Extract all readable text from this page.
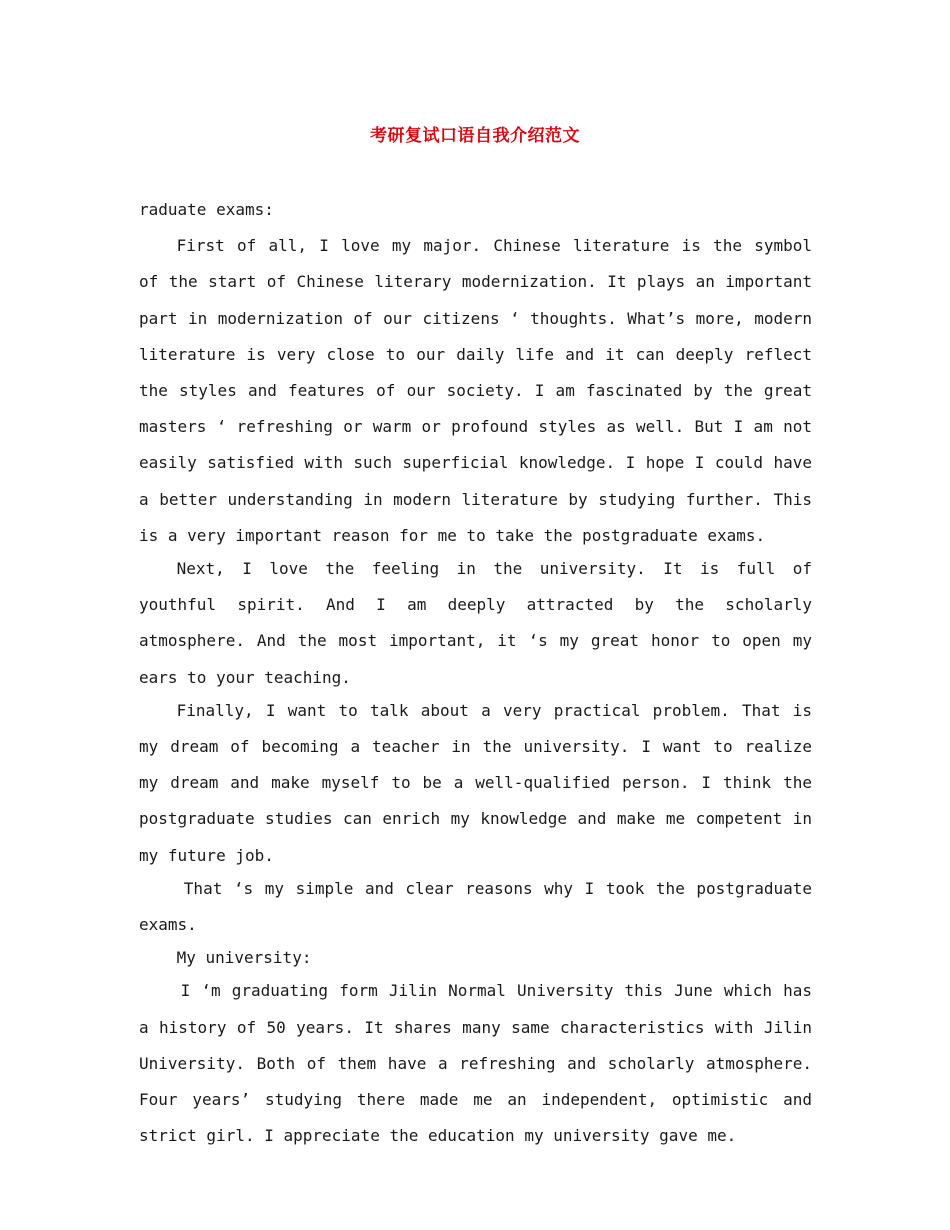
考研复试口语自我介绍范文

raduate exams:

First of all, I love my major. Chinese literature is the symbol of the start of Chinese literary modernization. It plays an important part in modernization of our citizens ‘ thoughts. What’s more, modern literature is very close to our daily life and it can deeply reflect the styles and features of our society. I am fascinated by the great masters ‘ refreshing or warm or profound styles as well. But I am not easily satisfied with such superficial knowledge. I hope I could have a better understanding in modern literature by studying further. This is a very important reason for me to take the postgraduate exams.

Next, I love the feeling in the university. It is full of youthful spirit. And I am deeply attracted by the scholarly atmosphere. And the most important, it ‘s my great honor to open my ears to your teaching.

Finally, I want to talk about a very practical problem. That is my dream of becoming a teacher in the university. I want to realize my dream and make myself to be a well-qualified person. I think the postgraduate studies can enrich my knowledge and make me competent in my future job.

That ‘s my simple and clear reasons why I took the postgraduate exams.

My university:

I ‘m graduating form Jilin Normal University this June which has a history of 50 years. It shares many same characteristics with Jilin University. Both of them have a refreshing and scholarly atmosphere. Four years’ studying there made me an independent, optimistic and strict girl. I appreciate the education my university gave me.
